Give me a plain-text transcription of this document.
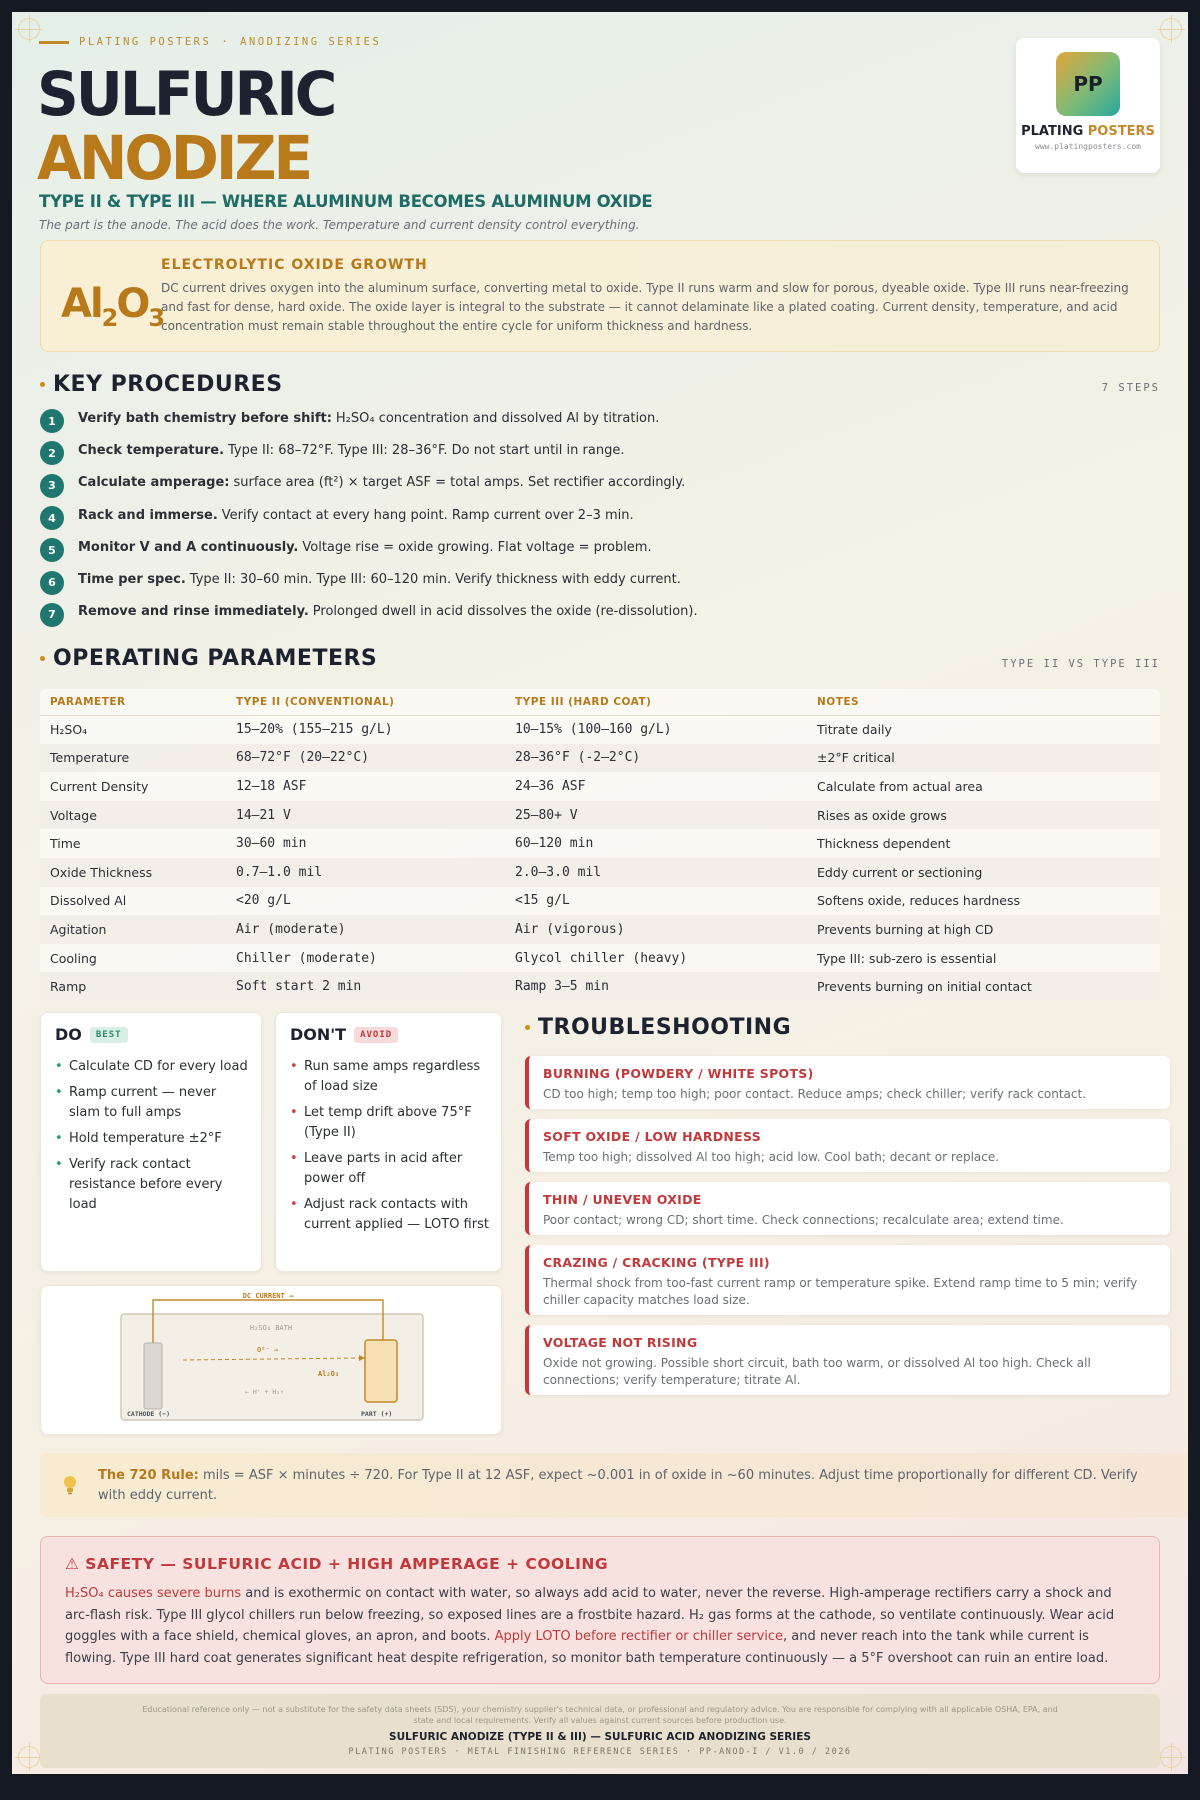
PLATING POSTERS · ANODIZING SERIES
SULFURIC
ANODIZE
TYPE II & TYPE III — WHERE ALUMINUM BECOMES ALUMINUM OXIDE
The part is the anode. The acid does the work. Temperature and current density control everything.
PP
PLATING POSTERS
www.platingposters.com
$Al_2O_3$
ELECTROLYTIC OXIDE GROWTH
DC current drives oxygen into the aluminum surface, converting metal to oxide. Type II runs warm and slow for porous, dyeable oxide. Type III runs near-freezing and fast for dense, hard oxide. The oxide layer is integral to the substrate — it cannot delaminate like a plated coating. Current density, temperature, and acid concentration must remain stable throughout the entire cycle for uniform thickness and hardness.
KEY PROCEDURES	7 STEPS
1	Verify bath chemistry before shift: H₂SO₄ concentration and dissolved Al by titration.
2	Check temperature. Type II: 68–72°F. Type III: 28–36°F. Do not start until in range.
3	Calculate amperage: surface area (ft²) × target ASF = total amps. Set rectifier accordingly.
4	Rack and immerse. Verify contact at every hang point. Ramp current over 2–3 min.
5	Monitor V and A continuously. Voltage rise = oxide growing. Flat voltage = problem.
6	Time per spec. Type II: 30–60 min. Type III: 60–120 min. Verify thickness with eddy current.
7	Remove and rinse immediately. Prolonged dwell in acid dissolves the oxide (re-dissolution).
OPERATING PARAMETERS	TYPE II VS TYPE III
PARAMETER	TYPE II (CONVENTIONAL)	TYPE III (HARD COAT)	NOTES
H₂SO₄	15–20% (155–215 g/L)	10–15% (100–160 g/L)	Titrate daily
Temperature	68–72°F (20–22°C)	28–36°F (-2–2°C)	±2°F critical
Current Density	12–18 ASF	24–36 ASF	Calculate from actual area
Voltage	14–21 V	25–80+ V	Rises as oxide grows
Time	30–60 min	60–120 min	Thickness dependent
Oxide Thickness	0.7–1.0 mil	2.0–3.0 mil	Eddy current or sectioning
Dissolved Al	<20 g/L	<15 g/L	Softens oxide, reduces hardness
Agitation	Air (moderate)	Air (vigorous)	Prevents burning at high CD
Cooling	Chiller (moderate)	Glycol chiller (heavy)	Type III: sub-zero is essential
Ramp	Soft start 2 min	Ramp 3–5 min	Prevents burning on initial contact
DO	BEST
• Calculate CD for every load
• Ramp current — never slam to full amps
• Hold temperature ±2°F
• Verify rack contact resistance before every load
DON'T	AVOID
• Run same amps regardless of load size
• Let temp drift above 75°F (Type II)
• Leave parts in acid after power off
• Adjust rack contacts with current applied — LOTO first
DC CURRENT →
H₂SO₄ BATH
O²⁻ →
Al₂O₃
← H⁺ + H₂↑
CATHODE (−)	PART (+)
TROUBLESHOOTING
BURNING (POWDERY / WHITE SPOTS)
CD too high; temp too high; poor contact. Reduce amps; check chiller; verify rack contact.
SOFT OXIDE / LOW HARDNESS
Temp too high; dissolved Al too high; acid low. Cool bath; decant or replace.
THIN / UNEVEN OXIDE
Poor contact; wrong CD; short time. Check connections; recalculate area; extend time.
CRAZING / CRACKING (TYPE III)
Thermal shock from too-fast current ramp or temperature spike. Extend ramp time to 5 min; verify chiller capacity matches load size.
VOLTAGE NOT RISING
Oxide not growing. Possible short circuit, bath too warm, or dissolved Al too high. Check all connections; verify temperature; titrate Al.
The 720 Rule: mils = ASF × minutes ÷ 720. For Type II at 12 ASF, expect ~0.001 in of oxide in ~60 minutes. Adjust time proportionally for different CD. Verify with eddy current.
⚠ SAFETY — SULFURIC ACID + HIGH AMPERAGE + COOLING
H₂SO₄ causes severe burns and is exothermic on contact with water, so always add acid to water, never the reverse. High-amperage rectifiers carry a shock and arc-flash risk. Type III glycol chillers run below freezing, so exposed lines are a frostbite hazard. H₂ gas forms at the cathode, so ventilate continuously. Wear acid goggles with a face shield, chemical gloves, an apron, and boots. Apply LOTO before rectifier or chiller service, and never reach into the tank while current is flowing. Type III hard coat generates significant heat despite refrigeration, so monitor bath temperature continuously — a 5°F overshoot can ruin an entire load.
Educational reference only — not a substitute for the safety data sheets (SDS), your chemistry supplier's technical data, or professional and regulatory advice. You are responsible for complying with all applicable OSHA, EPA, and state and local requirements. Verify all values against current sources before production use.
SULFURIC ANODIZE (TYPE II & III) — SULFURIC ACID ANODIZING SERIES
PLATING POSTERS · METAL FINISHING REFERENCE SERIES · PP-ANOD-I / V1.0 / 2026
